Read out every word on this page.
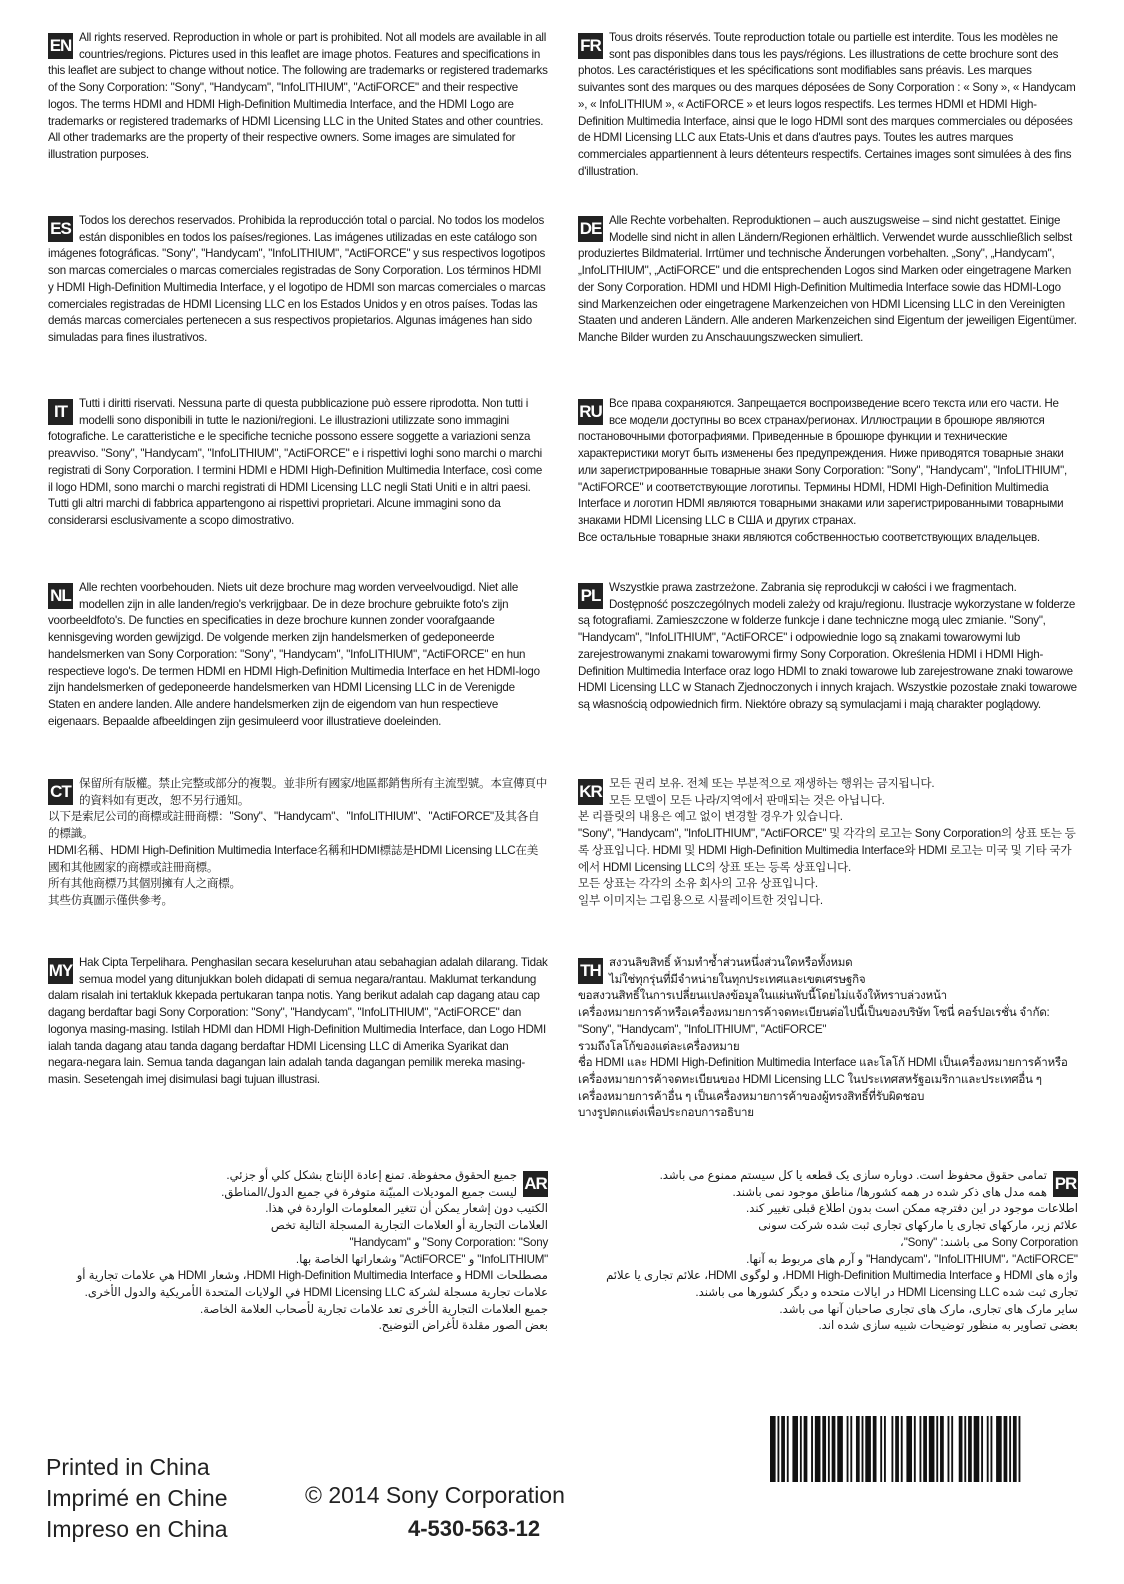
EN All rights reserved. Reproduction in whole or part is prohibited. Not all models are available in all countries/regions. Pictures used in this leaflet are image photos. Features and specifications in this leaflet are subject to change without notice. The following are trademarks or registered trademarks of the Sony Corporation: "Sony", "Handycam", "InfoLITHIUM", "ActiFORCE" and their respective logos. The terms HDMI and HDMI High-Definition Multimedia Interface, and the HDMI Logo are trademarks or registered trademarks of HDMI Licensing LLC in the United States and other countries. All other trademarks are the property of their respective owners. Some images are simulated for illustration purposes.
FR Tous droits réservés. Toute reproduction totale ou partielle est interdite. Tous les modèles ne sont pas disponibles dans tous les pays/régions. Les illustrations de cette brochure sont des photos. Les caractéristiques et les spécifications sont modifiables sans préavis. Les marques suivantes sont des marques ou des marques déposées de Sony Corporation : « Sony », « Handycam », « InfoLITHIUM », « ActiFORCE » et leurs logos respectifs. Les termes HDMI et HDMI High-Definition Multimedia Interface, ainsi que le logo HDMI sont des marques commerciales ou déposées de HDMI Licensing LLC aux Etats-Unis et dans d'autres pays. Toutes les autres marques commerciales appartiennent à leurs détenteurs respectifs. Certaines images sont simulées à des fins d'illustration.
ES Todos los derechos reservados. Prohibida la reproducción total o parcial. No todos los modelos están disponibles en todos los países/regiones. Las imágenes utilizadas en este catálogo son imágenes fotográficas. "Sony", "Handycam", "InfoLITHIUM", "ActiFORCE" y sus respectivos logotipos son marcas comerciales o marcas comerciales registradas de Sony Corporation. Los términos HDMI y HDMI High-Definition Multimedia Interface, y el logotipo de HDMI son marcas comerciales o marcas comerciales registradas de HDMI Licensing LLC en los Estados Unidos y en otros países. Todas las demás marcas comerciales pertenecen a sus respectivos propietarios. Algunas imágenes han sido simuladas para fines ilustrativos.
DE Alle Rechte vorbehalten. Reproduktionen – auch auszugsweise – sind nicht gestattet. Einige Modelle sind nicht in allen Ländern/Regionen erhältlich. Verwendet wurde ausschließlich selbst produziertes Bildmaterial. Irrtümer und technische Änderungen vorbehalten. „Sony", „Handycam", „InfoLITHIUM", „ActiFORCE" und die entsprechenden Logos sind Marken oder eingetragene Marken der Sony Corporation. HDMI und HDMI High-Definition Multimedia Interface sowie das HDMI-Logo sind Markenzeichen oder eingetragene Markenzeichen von HDMI Licensing LLC in den Vereinigten Staaten und anderen Ländern. Alle anderen Markenzeichen sind Eigentum der jeweiligen Eigentümer. Manche Bilder wurden zu Anschauungszwecken simuliert.
IT	Tutti i diritti riservati. Nessuna parte di questa pubblicazione può essere riprodotta. Non tutti i modelli sono disponibili in tutte le nazioni/regioni. Le illustrazioni utilizzate sono immagini fotografiche. Le caratteristiche e le specifiche tecniche possono essere soggette a variazioni senza preavviso. "Sony", "Handycam", "InfoLITHIUM", "ActiFORCE" e i rispettivi loghi sono marchi o marchi registrati di Sony Corporation. I termini HDMI e HDMI High-Definition Multimedia Interface, così come il logo HDMI, sono marchi o marchi registrati di HDMI Licensing LLC negli Stati Uniti e in altri paesi. Tutti gli altri marchi di fabbrica appartengono ai rispettivi proprietari. Alcune immagini sono da considerarsi esclusivamente a scopo dimostrativo.
RU Все права сохраняются. Запрещается воспроизведение всего текста или его части. Не все модели доступны во всех странах/регионах. Иллюстрации в брошюре являются постановочными фотографиями. Приведенные в брошюре функции и технические характеристики могут быть изменены без предупреждения. Ниже приводятся товарные знаки или зарегистрированные товарные знаки Sony Corporation: "Sony", "Handycam", "InfoLITHIUM", "ActiFORCE" и соответствующие логотипы. Термины HDMI, HDMI High-Definition Multimedia Interface и логотип HDMI являются товарными знаками или зарегистрированными товарными знаками HDMI Licensing LLC в США и других странах.
Все остальные товарные знаки являются собственностью соответствующих владельцев.
NL Alle rechten voorbehouden. Niets uit deze brochure mag worden verveelvoudigd. Niet alle modellen zijn in alle landen/regio's verkrijgbaar. De in deze brochure gebruikte foto's zijn voorbeeldfoto's. De functies en specificaties in deze brochure kunnen zonder voorafgaande kennisgeving worden gewijzigd. De volgende merken zijn handelsmerken of gedeponeerde handelsmerken van Sony Corporation: "Sony", "Handycam", "InfoLITHIUM", "ActiFORCE" en hun respectieve logo's. De termen HDMI en HDMI High-Definition Multimedia Interface en het HDMI-logo zijn handelsmerken of gedeponeerde handelsmerken van HDMI Licensing LLC in de Verenigde Staten en andere landen. Alle andere handelsmerken zijn de eigendom van hun respectieve eigenaars. Bepaalde afbeeldingen zijn gesimuleerd voor illustratieve doeleinden.
PL Wszystkie prawa zastrzeżone. Zabrania się reprodukcji w całości i we fragmentach. Dostępność poszczególnych modeli zależy od kraju/regionu. Ilustracje wykorzystane w folderze są fotografiami. Zamieszczone w folderze funkcje i dane techniczne mogą ulec zmianie. "Sony", "Handycam", "InfoLITHIUM", "ActiFORCE" i odpowiednie logo są znakami towarowymi lub zarejestrowanymi znakami towarowymi firmy Sony Corporation. Określenia HDMI i HDMI High-Definition Multimedia Interface oraz logo HDMI to znaki towarowe lub zarejestrowane znaki towarowe HDMI Licensing LLC w Stanach Zjednoczonych i innych krajach. Wszystkie pozostałe znaki towarowe są własnością odpowiednich firm. Niektóre obrazy są symulacjami i mają charakter poglądowy.
CT 保留所有版權。禁止完整或部分的複製。並非所有國家/地區都銷售所有主流型號。本宣傳頁中的資料如有更改，恕不另行通知。
以下是索尼公司的商標或註冊商標："Sony"、"Handycam"、"InfoLITHIUM"、"ActiFORCE"及其各自的標識。
HDMI名稱、HDMI High-Definition Multimedia Interface名稱和HDMI標誌是HDMI Licensing LLC在美國和其他國家的商標或註冊商標。
所有其他商標乃其個別擁有人之商標。
其些仿真圖示僅供參考。
KR 모든 권리 보유. 전체 또는 부분적으로 재생하는 행위는 금지됩니다.
모든 모델이 모든 나라/지역에서 판매되는 것은 아닙니다.
본 리플릿의 내용은 예고 없이 변경할 경우가 있습니다.
"Sony", "Handycam", "InfoLITHIUM", "ActiFORCE" 및 각각의 로고는 Sony Corporation의 상표 또는 등록 상표입니다. HDMI 및 HDMI High-Definition Multimedia Interface와 HDMI 로고는 미국 및 기타 국가에서 HDMI Licensing LLC의 상표 또는 등록 상표입니다.
모든 상표는 각각의 소유 회사의 고유 상표입니다.
일부 이미지는 그림용으로 시뮬레이트한 것입니다.
MY Hak Cipta Terpelihara. Penghasilan secara keseluruhan atau sebahagian adalah dilarang. Tidak semua model yang ditunjukkan boleh didapati di semua negara/rantau. Maklumat terkandung dalam risalah ini tertakluk kkepada pertukaran tanpa notis. Yang berikut adalah cap dagang atau cap dagang berdaftar bagi Sony Corporation: "Sony", "Handycam", "InfoLITHIUM", "ActiFORCE" dan logonya masing-masing. Istilah HDMI dan HDMI High-Definition Multimedia Interface, dan Logo HDMI ialah tanda dagang atau tanda dagang berdaftar HDMI Licensing LLC di Amerika Syarikat dan negara-negara lain. Semua tanda dagangan lain adalah tanda dagangan pemilik mereka masing-masin. Sesetengah imej disimulasi bagi tujuan illustrasi.
TH สงวนลิขสิทธิ์ ห้ามทำซ้ำส่วนหนึ่งส่วนใดหรือทั้งหมด
ไม่ใช่ทุกรุ่นที่มีจำหน่ายในทุกประเทศและเขตเศรษฐกิจ
ขอสงวนสิทธิ์ในการเปลี่ยนแปลงข้อมูลในแผ่นพับนี้โดยไม่แจ้งให้ทราบล่วงหน้า
เครื่องหมายการค้าหรือเครื่องหมายการค้าจดทะเบียนต่อไปนี้เป็นของบริษัท โซนี่ คอร์ปอเรชั่น จำกัด: "Sony", "Handycam", "InfoLITHIUM", "ActiFORCE"
รวมถึงโลโก้ของแต่ละเครื่องหมาย
ชื่อ HDMI และ HDMI High-Definition Multimedia Interface และโลโก้ HDMI เป็นเครื่องหมายการค้าหรือเครื่องหมายการค้าจดทะเบียนของ HDMI Licensing LLC ในประเทศสหรัฐอเมริกาและประเทศอื่น ๆ
เครื่องหมายการค้าอื่น ๆ เป็นเครื่องหมายการค้าของผู้ทรงสิทธิ์ที่รับผิดชอบ
บางรูปตกแต่งเพื่อประกอบการอธิบาย
AR
جميع الحقوق محفوظة. تمنع إعادة الإنتاج بشكل كلي أو جزئي.
ليست جميع الموديلات المبيّنة متوفرة في جميع الدول/المناطق.
الكتيب دون إشعار يمكن أن تتغير المعلومات الواردة في هذا.
العلامات التجارية أو العلامات التجارية المسجلة التالية تخص
Sony Corporation: "Sony" و "Handycam"
"InfoLITHIUM" و "ActiFORCE" وشعاراتها الخاصة بها.
مصطلحات HDMI و HDMI High-Definition Multimedia Interface، وشعار HDMI هي علامات تجارية أو علامات تجارية مسجلة لشركة HDMI Licensing LLC في الولايات المتحدة الأمريكية والدول الأخرى.
جميع العلامات التجارية الأخرى تعد علامات تجارية لأصحاب العلامة الخاصة.
بعض الصور مقلدة لأغراض التوضيح.
PR
تمامی حقوق محفوظ است. دوباره سازی یک قطعه یا کل سیستم ممنوع می باشد.
همه مدل های ذکر شده در همه کشورها/ مناطق موجود نمی باشند.
اطلاعات موجود در این دفترچه ممکن است بدون اطلاع قبلی تغییر کند.
علائم زیر، مارکهای تجاری یا مارکهای تجاری ثبت شده شرکت سونی
Sony Corporation می باشند: "Sony"،
"Handycam"، "InfoLITHIUM"، "ActiFORCE" و آرم های مربوط به آنها.
واژه های HDMI و HDMI High-Definition Multimedia Interface، و لوگوی HDMI، علائم تجاری یا علائم تجاری ثبت شده HDMI Licensing LLC در ایالات متحده و دیگر کشورها می باشند.
سایر مارک های تجاری، مارک های تجاری صاحبان آنها می باشد.
بعضی تصاویر به منظور توضیحات شبیه سازی شده اند.
Printed in China
Imprimé en Chine
Impreso en China
© 2014 Sony Corporation
4-530-563-12
